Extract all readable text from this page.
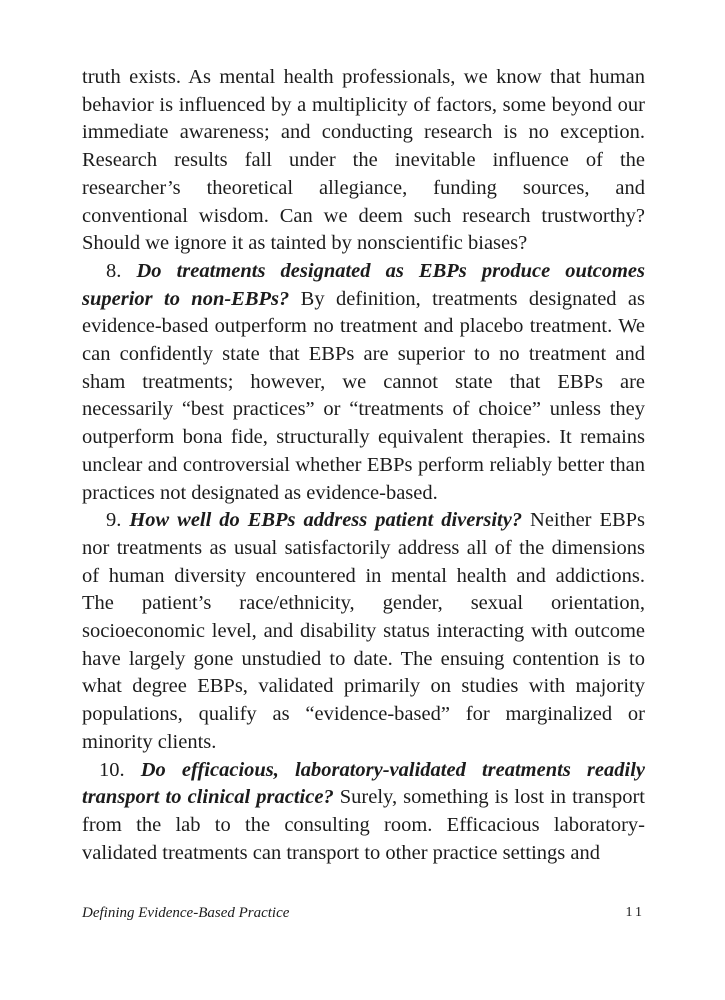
truth exists. As mental health professionals, we know that human behavior is influenced by a multiplicity of factors, some beyond our immediate awareness; and conducting research is no exception. Research results fall under the inevitable influence of the researcher’s theoretical allegiance, funding sources, and conventional wisdom. Can we deem such research trustworthy? Should we ignore it as tainted by nonscientific biases?

8. Do treatments designated as EBPs produce outcomes superior to non-EBPs? By definition, treatments designated as evidence-based outperform no treatment and placebo treatment. We can confidently state that EBPs are superior to no treatment and sham treatments; however, we cannot state that EBPs are necessarily “best practices” or “treatments of choice” unless they outperform bona fide, structurally equivalent therapies. It remains unclear and controversial whether EBPs perform reliably better than practices not designated as evidence-based.

9. How well do EBPs address patient diversity? Neither EBPs nor treatments as usual satisfactorily address all of the dimensions of human diversity encountered in mental health and addictions. The patient’s race/ethnicity, gender, sexual orientation, socioeconomic level, and disability status interacting with outcome have largely gone unstudied to date. The ensuing contention is to what degree EBPs, validated primarily on studies with majority populations, qualify as “evidence-based” for marginalized or minority clients.

10. Do efficacious, laboratory-validated treatments readily transport to clinical practice? Surely, something is lost in transport from the lab to the consulting room. Efficacious laboratory-validated treatments can transport to other practice settings and

Defining Evidence-Based Practice	11
